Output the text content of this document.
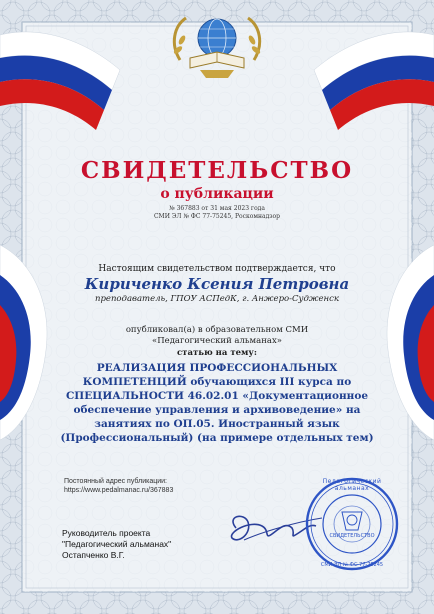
Педагогический альманах
СВИДЕТЕЛЬСТВО
СМИ ЭЛ № ФС 77-75245
СВИДЕТЕЛЬСТВО
о публикации
№ 367883 от 31 мая 2023 года
СМИ ЭЛ № ФС 77-75245, Роскомнадзор
Настоящим свидетельством подтверждается, что
Кириченко Ксения Петровна
преподаватель, ГПОУ АСПедК, г. Анжеро-Судженск
опубликовал(а) в образовательном СМИ
«Педагогический альманах»
статью на тему:
РЕАЛИЗАЦИЯ ПРОФЕССИОНАЛЬНЫХ
КОМПЕТЕНЦИЙ обучающихся III курса по
СПЕЦИАЛЬНОСТИ 46.02.01 «Документационное
обеспечение управления и архивоведение» на
занятиях по ОП.05. Иностранный язык
(Профессиональный) (на примере отдельных тем)
Постоянный адрес публикации:
https://www.pedalmanac.ru/367883
Руководитель проекта
"Педагогический альманах"
Остапченко В.Г.
